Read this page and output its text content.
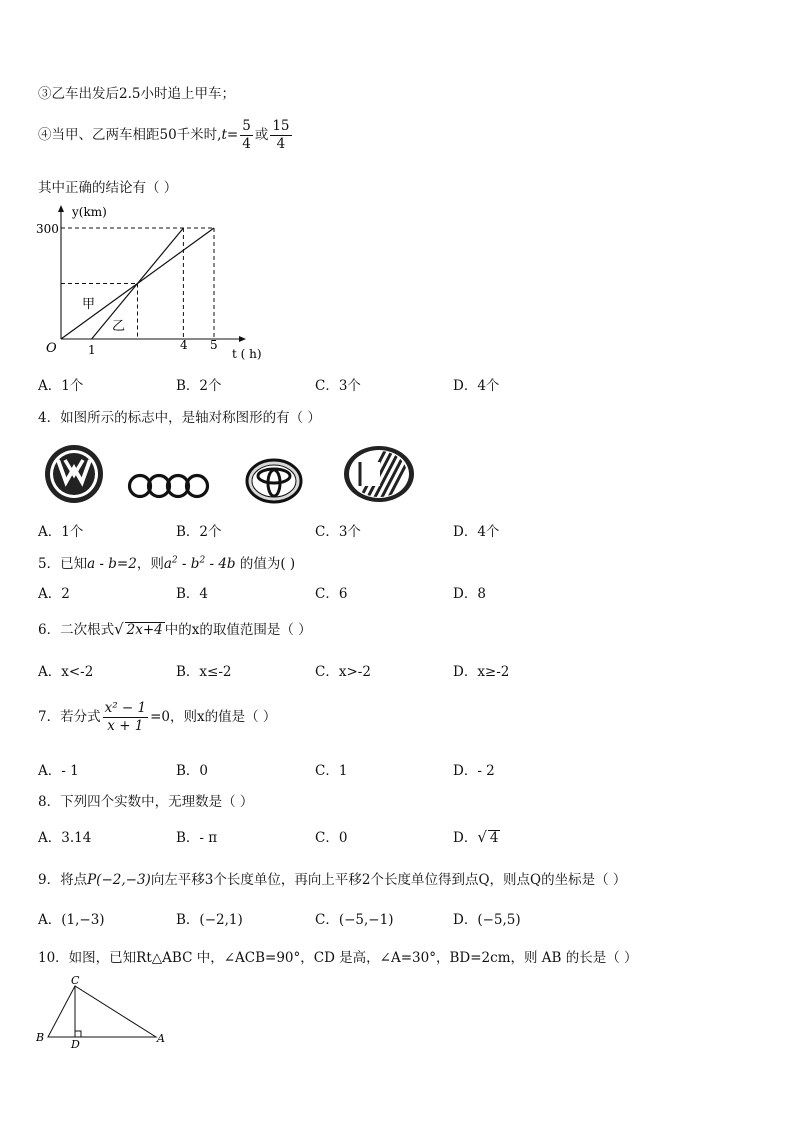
③乙车出发后2.5小时追上甲车；
④当甲、乙两车相距50千米时$,t= \frac{5}{4}$ 或 $\frac{15}{4}$
其中正确的结论有（ ）
y(km)
t ( h)
O
300
1	4 5
甲
乙
A．1个	B．2个	C．3个	D．4个
4．如图所示的标志中，是轴对称图形的有（ ）
A．1个	B．2个	C．3个	D．4个
5．已知a - b=2，则$a^2 - b^2 - 4b$ 的值为( )
A．2	B．4	C．6	D．8
6．二次根式√ 2x+4 中的x的取值范围是（ ）
A．x<-2	B．x≤-2	C．x>-2	D．x≥-2
7．若分式 $\frac{\text{x² − 1}}{x + 1} =0$，则x的值是（ ）
A．- 1	B．0	C．1	D．- 2
8．下列四个实数中，无理数是（ ）
A．3.14	B．- π	C．0	D．√ 4
9．将点P(−2,−3)向左平移3个长度单位，再向上平移2个长度单位得到点Q，则点Q的坐标是（ ）
A．(1,−3)	B．(−2,1)	C．(−5,−1)	D．(−5,5)
10．如图，已知Rt△ABC 中，∠ACB=90°，CD 是高，∠A=30°，BD=2cm，则 AB 的长是（ ）
C
B
D	A
